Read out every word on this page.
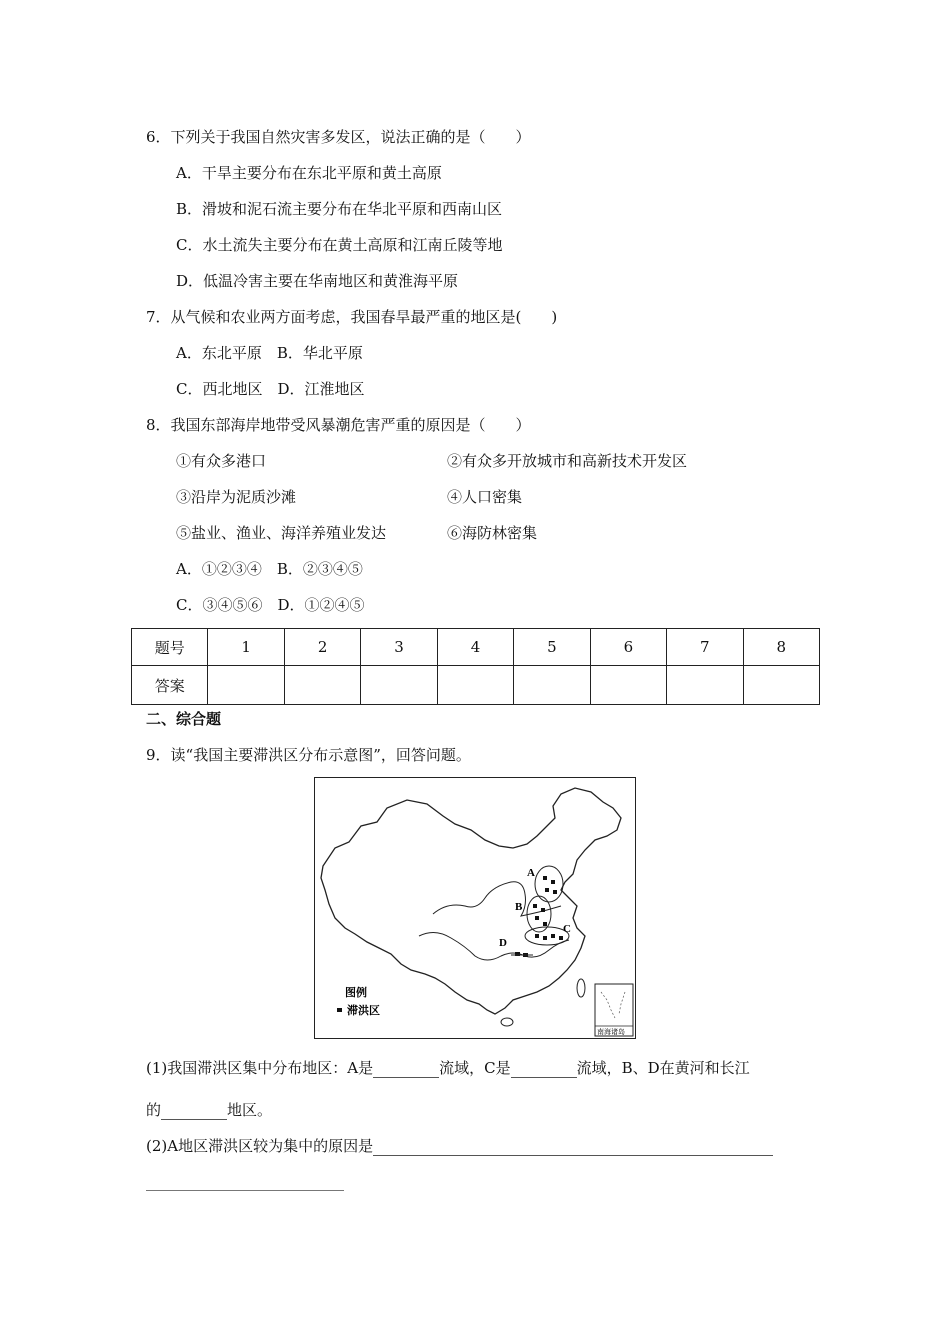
6．下列关于我国自然灾害多发区，说法正确的是（　　）
A．干旱主要分布在东北平原和黄土高原
B．滑坡和泥石流主要分布在华北平原和西南山区
C．水土流失主要分布在黄土高原和江南丘陵等地
D．低温冷害主要在华南地区和黄淮海平原
7．从气候和农业两方面考虑，我国春旱最严重的地区是(　　)
A．东北平原　B．华北平原
C．西北地区　D．江淮地区
8．我国东部海岸地带受风暴潮危害严重的原因是（　　）
①有众多港口	②有众多开放城市和高新技术开发区
③沿岸为泥质沙滩	④人口密集
⑤盐业、渔业、海洋养殖业发达	⑥海防林密集
A．①②③④　B．②③④⑤
C．③④⑤⑥　D．①②④⑤
题号	1	2	3	4	5	6	7	8
答案								
二、综合题
9．读“我国主要滞洪区分布示意图”，回答问题。
A
B
C
D
图例
滞洪区
南海诸岛
(1)我国滞洪区集中分布地区：A是	流域，C是	流域，B、D在黄河和长江
的	地区。
(2)A地区滞洪区较为集中的原因是
